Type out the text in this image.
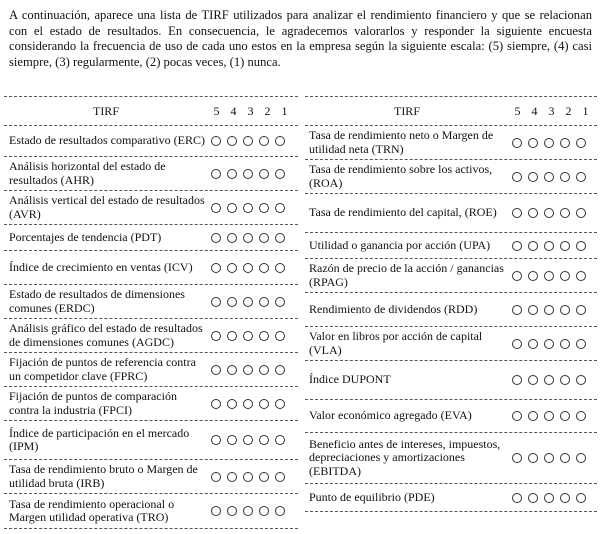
A continuación, aparece una lista de TIRF utilizados para analizar el rendimiento financiero y que se relacionan con el estado de resultados. En consecuencia, le agradecemos valorarlos y responder la siguiente encuesta considerando la frecuencia de uso de cada uno estos en la empresa según la siguiente escala: (5) siempre, (4) casi siempre, (3) regularmente, (2) pocas veces, (1) nunca.
TIRF	5 4 3 2 1
Estado de resultados comparativo (ERC)
Análisis horizontal del estado de resultados (AHR)
Análisis vertical del estado de resultados (AVR)
Porcentajes de tendencia (PDT)
Índice de crecimiento en ventas (ICV)
Estado de resultados de dimensiones comunes (ERDC)
Análisis gráfico del estado de resultados de dimensiones comunes (AGDC)
Fijación de puntos de referencia contra un competidor clave (FPRC)
Fijación de puntos de comparación contra la industria (FPCI)
Índice de participación en el mercado (IPM)
Tasa de rendimiento bruto o Margen de utilidad bruta (IRB)
Tasa de rendimiento operacional o Margen utilidad operativa (TRO)
TIRF	5 4 3 2 1
Tasa de rendimiento neto o Margen de utilidad neta (TRN)
Tasa de rendimiento sobre los activos, (ROA)
Tasa de rendimiento del capital, (ROE)
Utilidad o ganancia por acción (UPA)
Razón de precio de la acción / ganancias (RPAG)
Rendimiento de dividendos (RDD)
Valor en libros por acción de capital (VLA)
Índice DUPONT
Valor económico agregado (EVA)
Beneficio antes de intereses, impuestos, depreciaciones y amortizaciones (EBITDA)
Punto de equilibrio (PDE)
